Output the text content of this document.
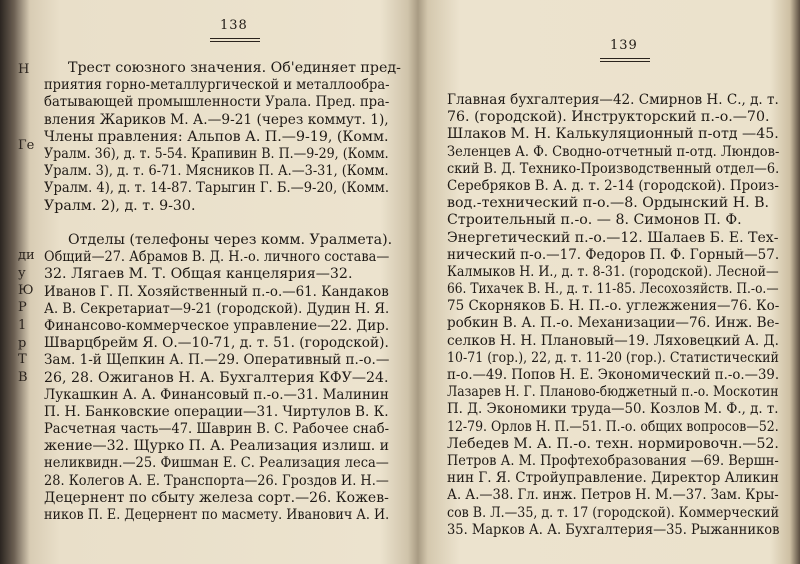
Н
Ге
ди
у
Ю
Р
1
р
Т
В
138
Трест союзного значения. Об'единяет пред-
приятия горно-металлургической и металлообра-
батывающей промышленности Урала. Пред. пра-
вления Жариков М. А.—9-21 (через коммут. 1),
Члены правления: Альпов А. П.—9-19, (Комм.
Уралм. 36), д. т. 5-54. Крапивин В. П.—9-29, (Комм.
Уралм. 3), д. т. 6-71. Мясников П. А.—3-31, (Комм.
Уралм. 4), д. т. 14-87. Тарыгин Г. Б.—9-20, (Комм.
Уралм. 2), д. т. 9-30.
Отделы (телефоны через комм. Уралмета).
Общий—27. Абрамов В. Д. Н.-о. личного состава—
32. Лягаев М. Т. Общая канцелярия—32.
Иванов Г. П. Хозяйственный п.-о.—61. Кандаков
А. В. Секретариат—9-21 (городской). Дудин Н. Я.
Финансово-коммерческое управление—22. Дир.
Шварцбрейм Я. О.—10-71, д. т. 51. (городской).
Зам. 1-й Щепкин А. П.—29. Оперативный п.-о.—
26, 28. Ожиганов Н. А. Бухгалтерия КФУ—24.
Лукашкин А. А. Финансовый п.-о.—31. Малинин
П. Н. Банковские операции—31. Чиртулов В. К.
Расчетная часть—47. Шаврин В. С. Рабочее снаб-
жение—32. Щурко П. А. Реализация излиш. и
неликвидн.—25. Фишман Е. С. Реализация леса—
28. Колегов А. Е. Транспорта—26. Гроздов И. Н.—
Децернент по сбыту железа сорт.—26. Кожев-
ников П. Е. Децернент по масмету. Иванович А. И.
139
Главная бухгалтерия—42. Смирнов Н. С., д. т.
76. (городской). Инструкторский п.-о.—70.
Шлаков М. Н. Калькуляционный п-отд —45.
Зеленцев А. Ф. Сводно-отчетный п-отд. Люндов-
ский В. Д. Технико-Производственный отдел—6.
Серебряков В. А. д. т. 2-14 (городской). Произ-
вод.-технический п-о.—8. Ордынский Н. В.
Строительный п.-о. — 8. Симонов П. Ф.
Энергетический п.-о.—12. Шалаев Б. Е. Тех-
нический п-о.—17. Федоров П. Ф. Горный—57.
Калмыков Н. И., д. т. 8-31. (городской). Лесной—
66. Тихачек В. Н., д. т. 11-85. Лесохозяйств. П.-о.—
75 Скорняков Б. Н. П.-о. углежжения—76. Ко-
робкин В. А. П.-о. Механизации—76. Инж. Ве-
селков Н. Н. Плановый—19. Ляховецкий А. Д.
10-71 (гор.), 22, д. т. 11-20 (гор.). Статистический
п-о.—49. Попов Н. Е. Экономический п.-о.—39.
Лазарев Н. Г. Планово-бюджетный п.-о. Москотин
П. Д. Экономики труда—50. Козлов М. Ф., д. т.
12-79. Орлов Н. П.—51. П.-о. общих вопросов—52.
Лебедев М. А. П.-о. техн. нормировочн.—52.
Петров А. М. Профтехобразования —69. Вершн-
нин Г. Я. Стройуправление. Директор Аликин
А. А.—38. Гл. инж. Петров Н. М.—37. Зам. Кры-
сов В. Л.—35, д. т. 17 (городской). Коммерческий
35. Марков А. А. Бухгалтерия—35. Рыжанников
